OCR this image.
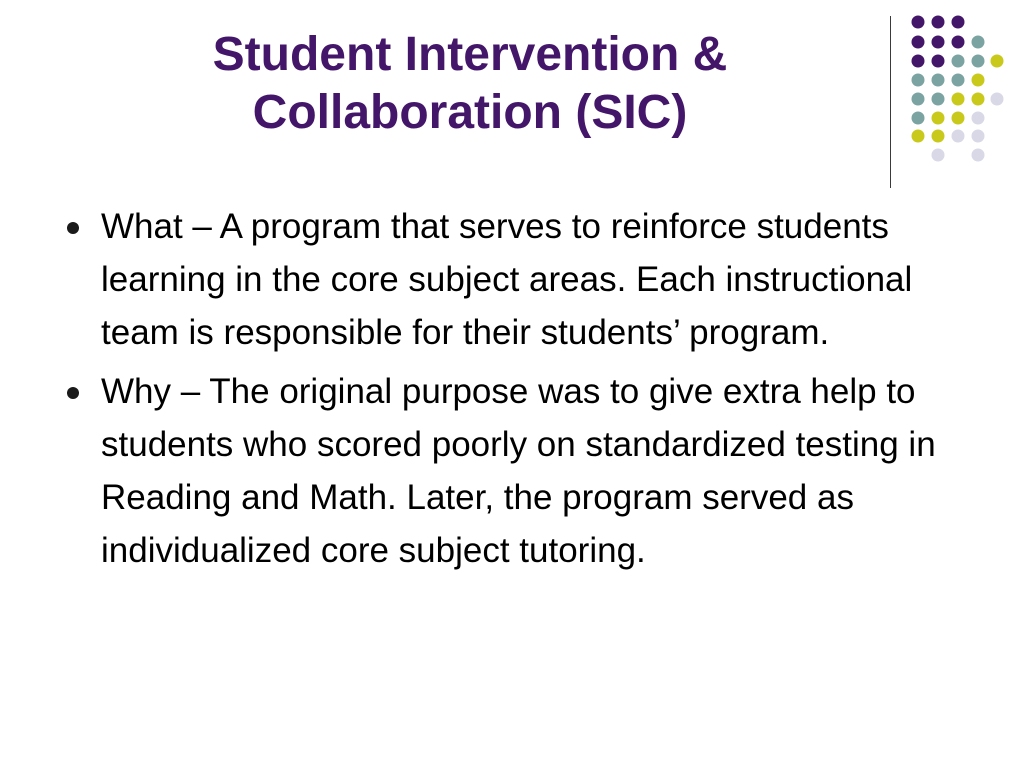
Student Intervention & Collaboration (SIC)
What – A program that serves to reinforce students learning in the core subject areas. Each instructional team is responsible for their students’ program.
Why – The original purpose was to give extra help to students who scored poorly on standardized testing in Reading and Math. Later, the program served as individualized core subject tutoring.
